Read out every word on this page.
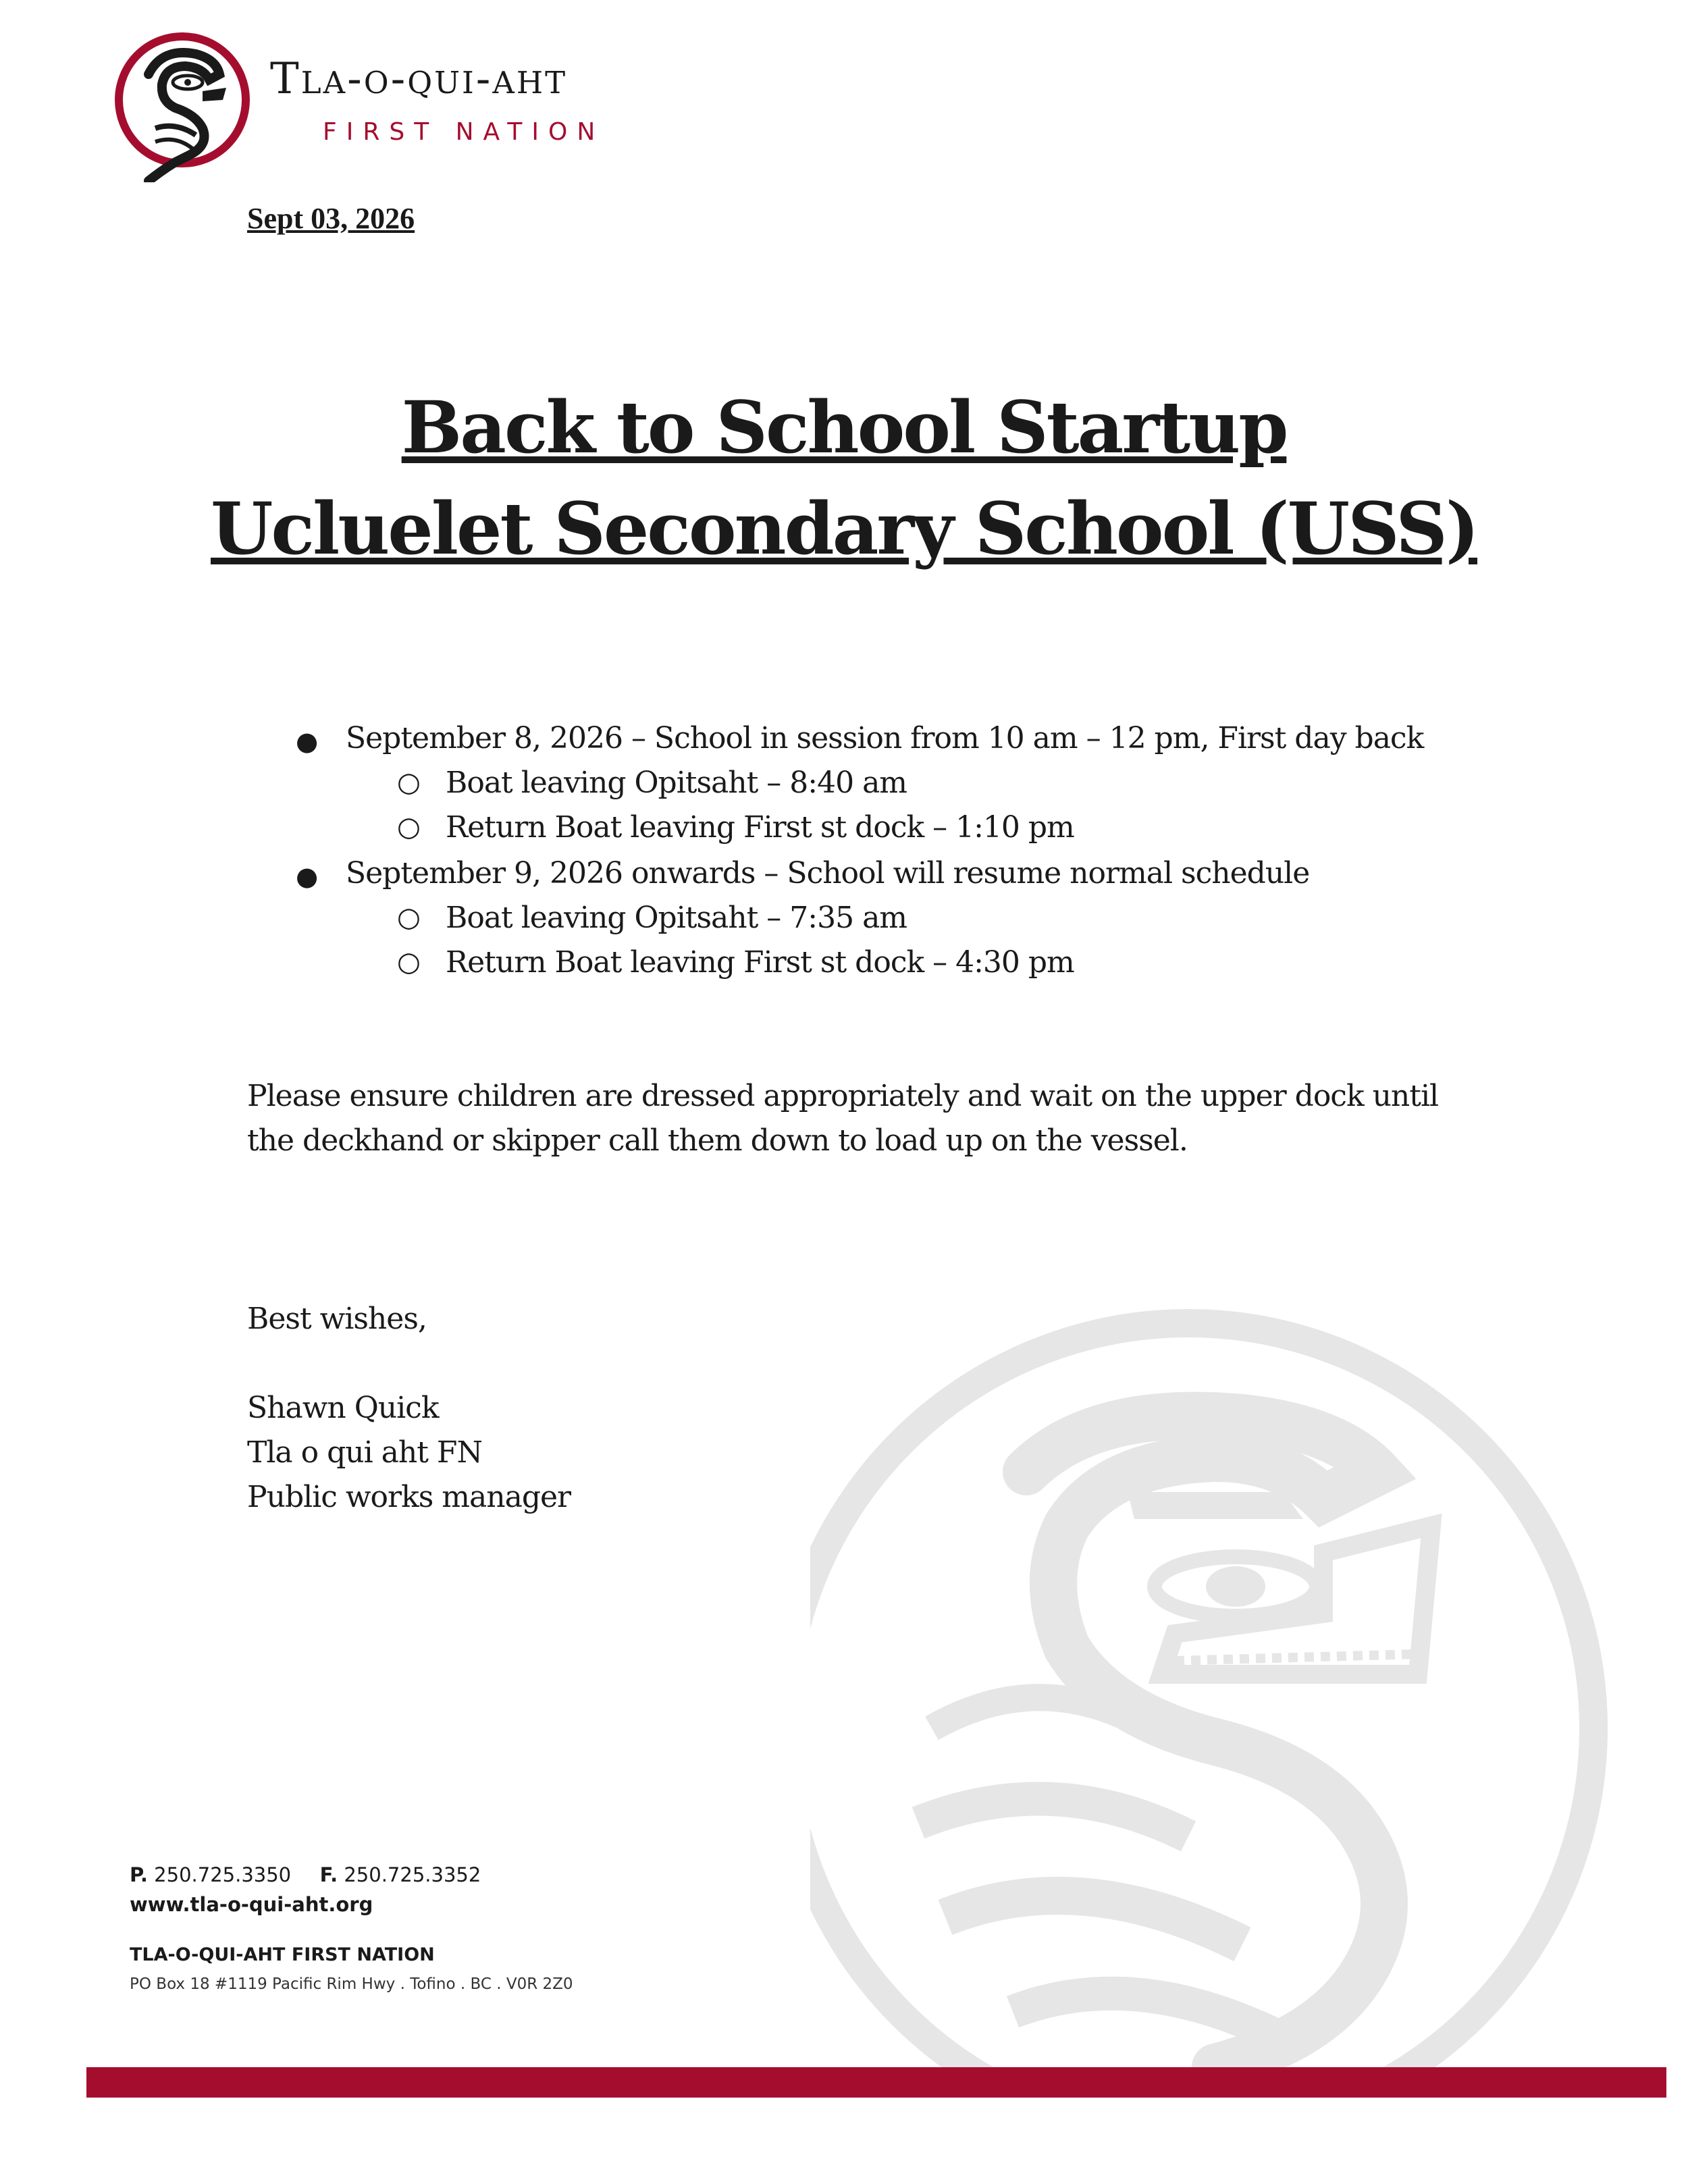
Tla-o-qui-aht
FIRST NATION
Sept 03, 2026
Back to School Startup
Ucluelet Secondary School (USS)
● September 8, 2026 – School in session from 10 am – 12 pm, First day back
○ Boat leaving Opitsaht – 8:40 am
○ Return Boat leaving First st dock – 1:10 pm
● September 9, 2026 onwards – School will resume normal schedule
○ Boat leaving Opitsaht – 7:35 am
○ Return Boat leaving First st dock – 4:30 pm
Please ensure children are dressed appropriately and wait on the upper dock until
the deckhand or skipper call them down to load up on the vessel.
Best wishes,
Shawn Quick
Tla o qui aht FN
Public works manager
P. 250.725.3350 F. 250.725.3352
www.tla-o-qui-aht.org
TLA-O-QUI-AHT FIRST NATION
PO Box 18 #1119 Pacific Rim Hwy . Tofino . BC . V0R 2Z0
